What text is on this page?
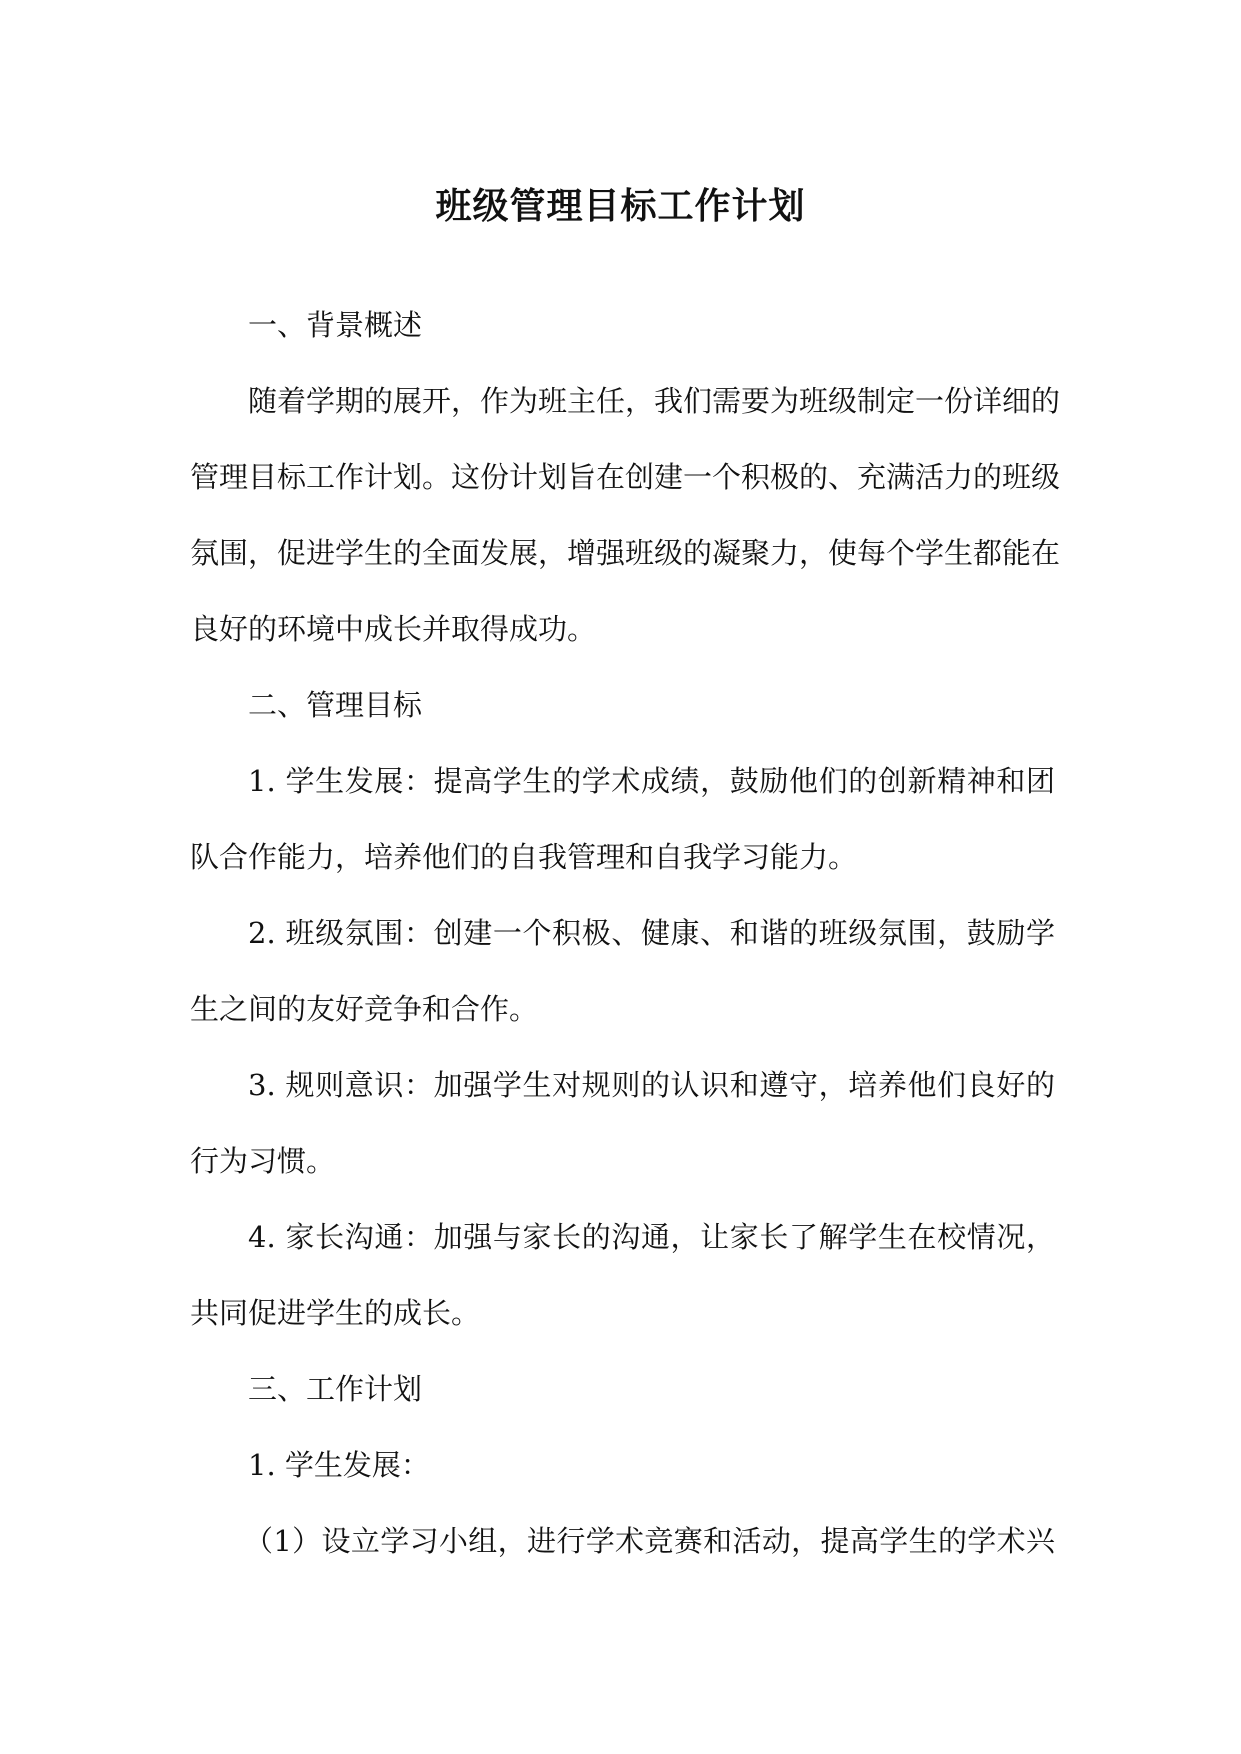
班级管理目标工作计划
一、背景概述
随着学期的展开，作为班主任，我们需要为班级制定一份详细的
管理目标工作计划。这份计划旨在创建一个积极的、充满活力的班级
氛围，促进学生的全面发展，增强班级的凝聚力，使每个学生都能在
良好的环境中成长并取得成功。
二、管理目标
1. 学生发展：提高学生的学术成绩，鼓励他们的创新精神和团
队合作能力，培养他们的自我管理和自我学习能力。
2. 班级氛围：创建一个积极、健康、和谐的班级氛围，鼓励学
生之间的友好竞争和合作。
3. 规则意识：加强学生对规则的认识和遵守，培养他们良好的
行为习惯。
4. 家长沟通：加强与家长的沟通，让家长了解学生在校情况，
共同促进学生的成长。
三、工作计划
1. 学生发展：
（1）设立学习小组，进行学术竞赛和活动，提高学生的学术兴
